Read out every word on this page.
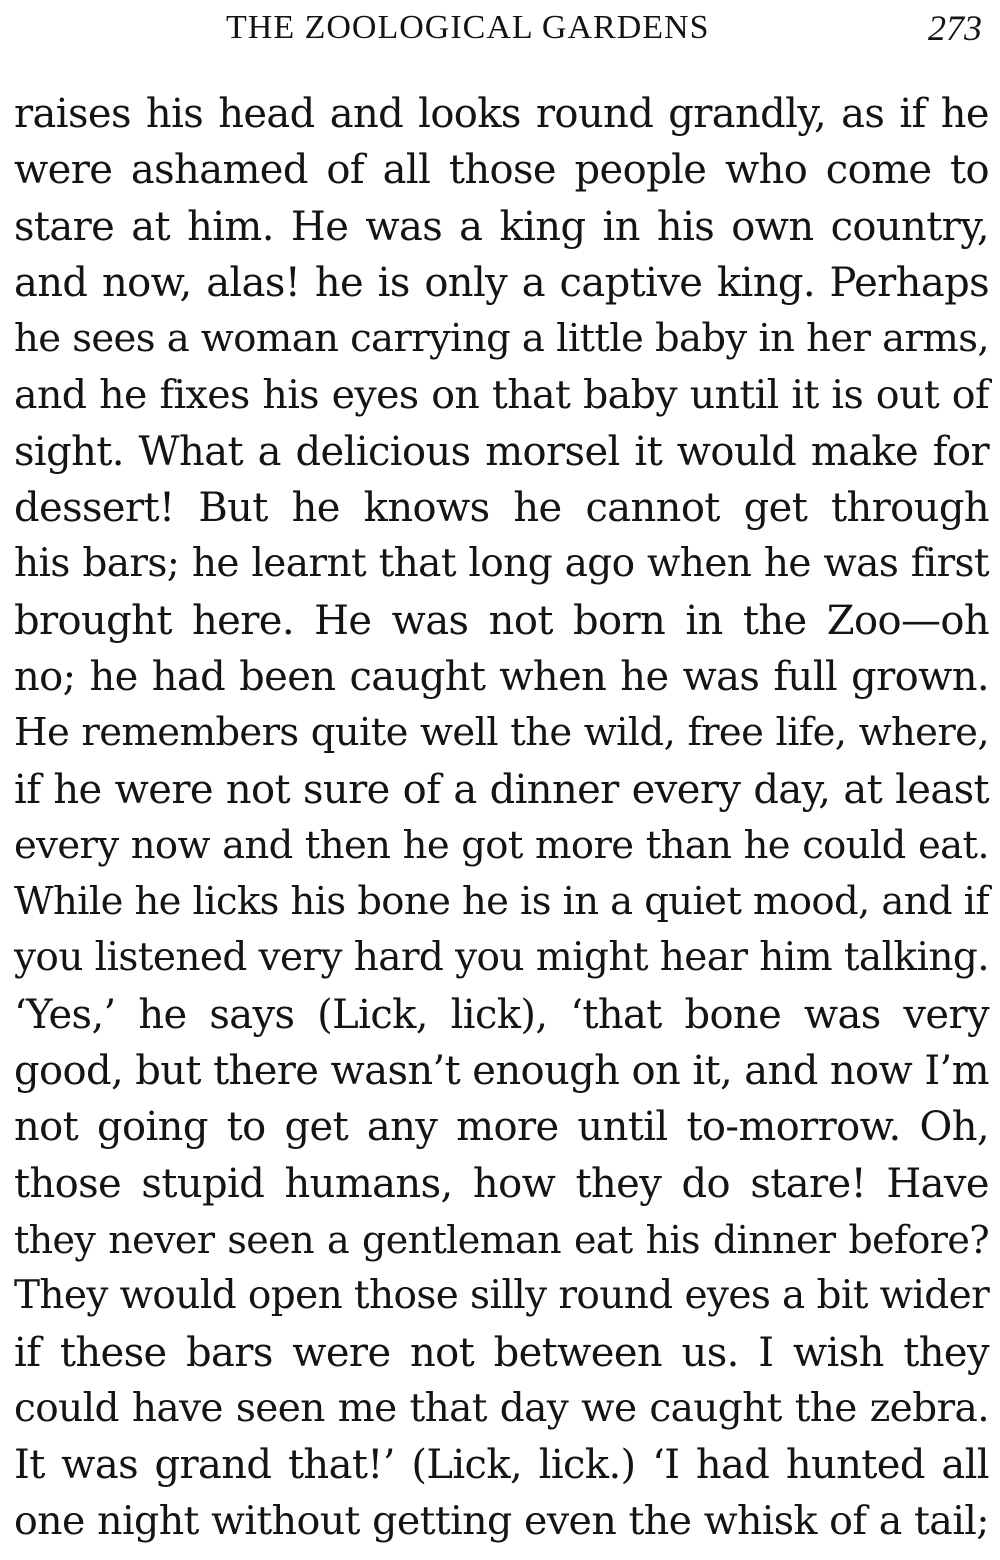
THE ZOOLOGICAL GARDENS	273
raises his head and looks round grandly, as if he
were ashamed of all those people who come to
stare at him. He was a king in his own country,
and now, alas! he is only a captive king. Perhaps
he sees a woman carrying a little baby in her arms,
and he fixes his eyes on that baby until it is out of
sight. What a delicious morsel it would make for
dessert! But he knows he cannot get through
his bars; he learnt that long ago when he was first
brought here. He was not born in the Zoo—oh
no; he had been caught when he was full grown.
He remembers quite well the wild, free life, where,
if he were not sure of a dinner every day, at least
every now and then he got more than he could eat.
While he licks his bone he is in a quiet mood, and if
you listened very hard you might hear him talking.
‘Yes,’ he says (Lick, lick), ‘that bone was very
good, but there wasn’t enough on it, and now I’m
not going to get any more until to-morrow. Oh,
those stupid humans, how they do stare! Have
they never seen a gentleman eat his dinner before?
They would open those silly round eyes a bit wider
if these bars were not between us. I wish they
could have seen me that day we caught the zebra.
It was grand that!’ (Lick, lick.) ‘I had hunted all
one night without getting even the whisk of a tail;
